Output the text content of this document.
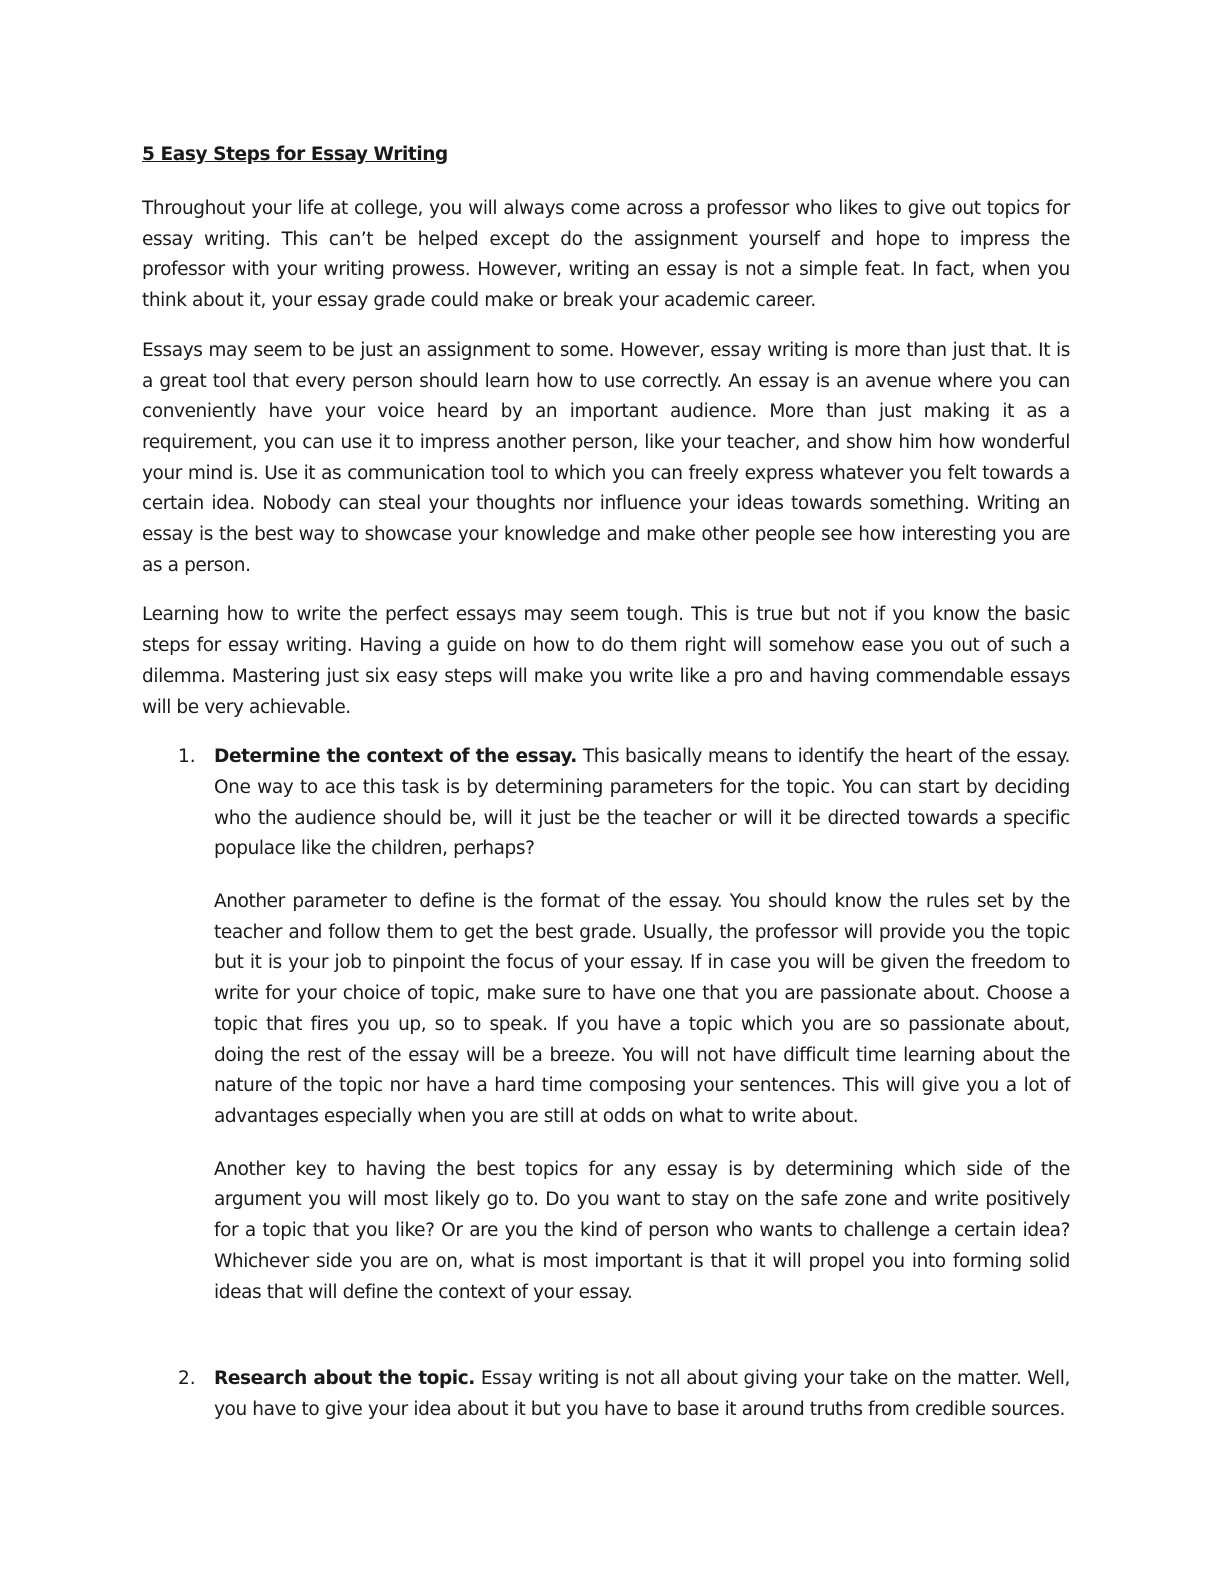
5 Easy Steps for Essay Writing

Throughout your life at college, you will always come across a professor who likes to give out topics for essay writing. This can’t be helped except do the assignment yourself and hope to impress the professor with your writing prowess. However, writing an essay is not a simple feat. In fact, when you think about it, your essay grade could make or break your academic career.

Essays may seem to be just an assignment to some. However, essay writing is more than just that. It is a great tool that every person should learn how to use correctly. An essay is an avenue where you can conveniently have your voice heard by an important audience. More than just making it as a requirement, you can use it to impress another person, like your teacher, and show him how wonderful your mind is. Use it as communication tool to which you can freely express whatever you felt towards a certain idea. Nobody can steal your thoughts nor influence your ideas towards something. Writing an essay is the best way to showcase your knowledge and make other people see how interesting you are as a person.

Learning how to write the perfect essays may seem tough. This is true but not if you know the basic steps for essay writing. Having a guide on how to do them right will somehow ease you out of such a dilemma. Mastering just six easy steps will make you write like a pro and having commendable essays will be very achievable.

1. Determine the context of the essay. This basically means to identify the heart of the essay. One way to ace this task is by determining parameters for the topic. You can start by deciding who the audience should be, will it just be the teacher or will it be directed towards a specific populace like the children, perhaps?

Another parameter to define is the format of the essay. You should know the rules set by the teacher and follow them to get the best grade. Usually, the professor will provide you the topic but it is your job to pinpoint the focus of your essay. If in case you will be given the freedom to write for your choice of topic, make sure to have one that you are passionate about. Choose a topic that fires you up, so to speak. If you have a topic which you are so passionate about, doing the rest of the essay will be a breeze. You will not have difficult time learning about the nature of the topic nor have a hard time composing your sentences. This will give you a lot of advantages especially when you are still at odds on what to write about.

Another key to having the best topics for any essay is by determining which side of the argument you will most likely go to. Do you want to stay on the safe zone and write positively for a topic that you like? Or are you the kind of person who wants to challenge a certain idea? Whichever side you are on, what is most important is that it will propel you into forming solid ideas that will define the context of your essay.

2. Research about the topic. Essay writing is not all about giving your take on the matter. Well, you have to give your idea about it but you have to base it around truths from credible sources.
